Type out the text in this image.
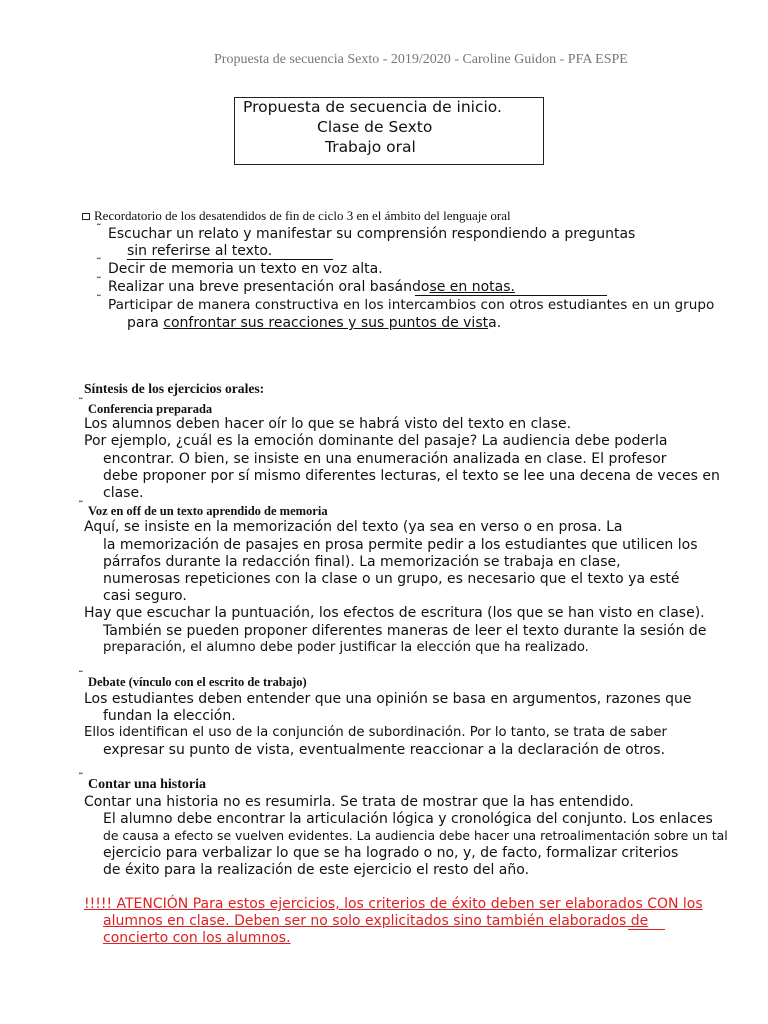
Propuesta de secuencia Sexto - 2019/2020 - Caroline Guidon - PFA ESPE
Propuesta de secuencia de inicio.
Clase de Sexto
Trabajo oral
Recordatorio de los desatendidos de fin de ciclo 3 en el ámbito del lenguaje oral
˜ Escuchar un relato y manifestar su comprensión respondiendo a preguntas
sin referirse al texto.
˜ Decir de memoria un texto en voz alta.
˜ Realizar una breve presentación oral basándose en notas.
˜ Participar de manera constructiva en los intercambios con otros estudiantes en un grupo
para confrontar sus reacciones y sus puntos de vista.
Síntesis de los ejercicios orales:
˜ Conferencia preparada
Los alumnos deben hacer oír lo que se habrá visto del texto en clase.
Por ejemplo, ¿cuál es la emoción dominante del pasaje? La audiencia debe poderla
encontrar. O bien, se insiste en una enumeración analizada en clase. El profesor
debe proponer por sí mismo diferentes lecturas, el texto se lee una decena de veces en
clase.
˜ Voz en off de un texto aprendido de memoria
Aquí, se insiste en la memorización del texto (ya sea en verso o en prosa. La
la memorización de pasajes en prosa permite pedir a los estudiantes que utilicen los
párrafos durante la redacción final). La memorización se trabaja en clase,
numerosas repeticiones con la clase o un grupo, es necesario que el texto ya esté
casi seguro.
Hay que escuchar la puntuación, los efectos de escritura (los que se han visto en clase).
También se pueden proponer diferentes maneras de leer el texto durante la sesión de
preparación, el alumno debe poder justificar la elección que ha realizado.
˜ Debate (vínculo con el escrito de trabajo)
Los estudiantes deben entender que una opinión se basa en argumentos, razones que
fundan la elección.
Ellos identifican el uso de la conjunción de subordinación. Por lo tanto, se trata de saber
expresar su punto de vista, eventualmente reaccionar a la declaración de otros.
˜ Contar una historia
Contar una historia no es resumirla. Se trata de mostrar que la has entendido.
El alumno debe encontrar la articulación lógica y cronológica del conjunto. Los enlaces
de causa a efecto se vuelven evidentes. La audiencia debe hacer una retroalimentación sobre un tal
ejercicio para verbalizar lo que se ha logrado o no, y, de facto, formalizar criterios
de éxito para la realización de este ejercicio el resto del año.
!!!!! ATENCIÓN Para estos ejercicios, los criterios de éxito deben ser elaborados CON los
alumnos en clase. Deben ser no solo explicitados sino también elaborados de
concierto con los alumnos.
